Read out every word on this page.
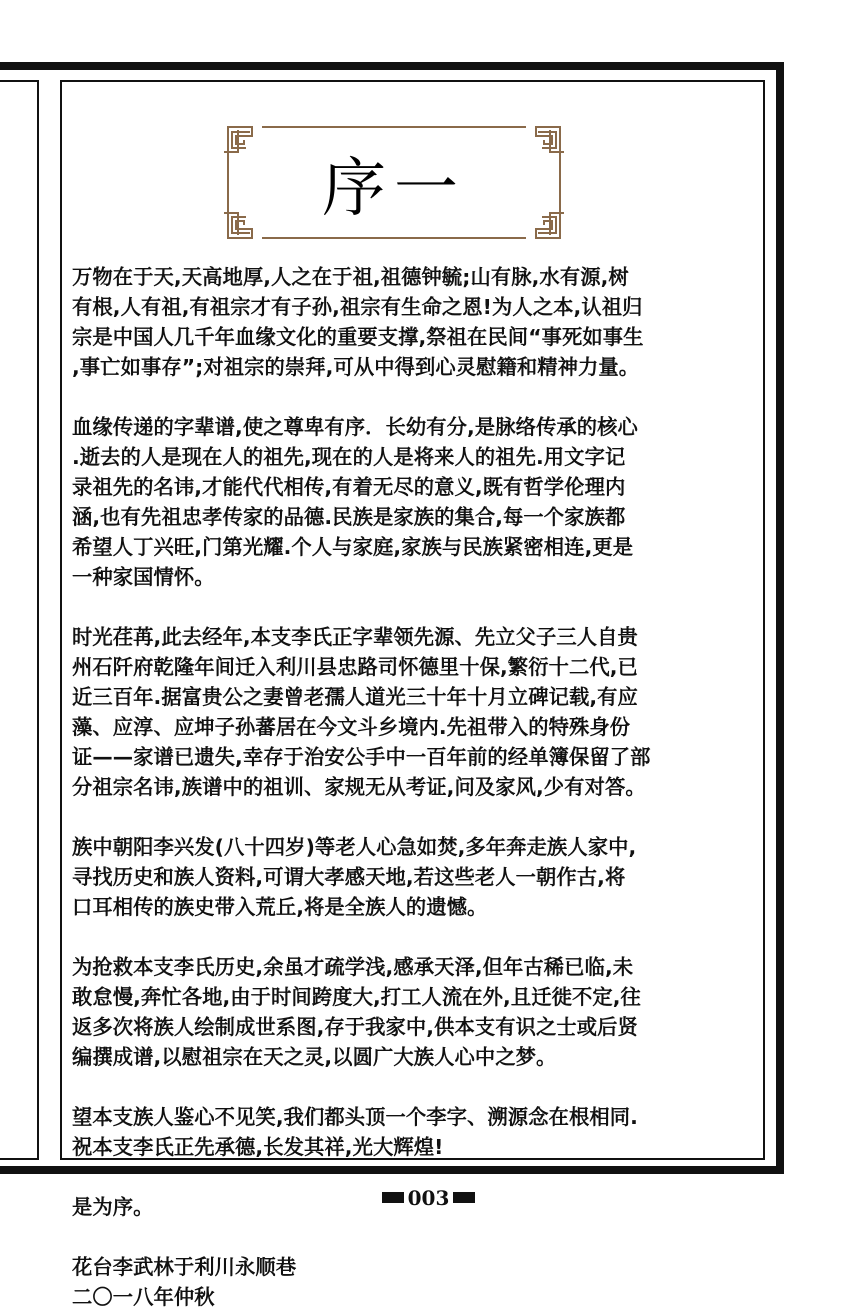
序一
万物在于天,天高地厚,人之在于祖,祖德钟毓;山有脉,水有源,树
有根,人有祖,有祖宗才有子孙,祖宗有生命之恩!为人之本,认祖归
宗是中国人几千年血缘文化的重要支撑,祭祖在民间“事死如事生
,事亡如事存”;对祖宗的崇拜,可从中得到心灵慰籍和精神力量。
血缘传递的字辈谱,使之尊卑有序．长幼有分,是脉络传承的核心
.逝去的人是现在人的祖先,现在的人是将来人的祖先.用文字记
录祖先的名讳,才能代代相传,有着无尽的意义,既有哲学伦理内
涵,也有先祖忠孝传家的品德.民族是家族的集合,每一个家族都
希望人丁兴旺,门第光耀.个人与家庭,家族与民族紧密相连,更是
一种家国情怀。
时光荏苒,此去经年,本支李氏正字辈领先源、先立父子三人自贵
州石阡府乾隆年间迁入利川县忠路司怀德里十保,繁衍十二代,已
近三百年.据富贵公之妻曾老孺人道光三十年十月立碑记载,有应
藻、应淳、应坤子孙蕃居在今文斗乡境内.先祖带入的特殊身份
证——家谱已遗失,幸存于治安公手中一百年前的经单簿保留了部
分祖宗名讳,族谱中的祖训、家规无从考证,问及家风,少有对答。
族中朝阳李兴发(八十四岁)等老人心急如焚,多年奔走族人家中,
寻找历史和族人资料,可谓大孝感天地,若这些老人一朝作古,将
口耳相传的族史带入荒丘,将是全族人的遗憾。
为抢救本支李氏历史,余虽才疏学浅,感承天泽,但年古稀已临,未
敢怠慢,奔忙各地,由于时间跨度大,打工人流在外,且迁徙不定,往
返多次将族人绘制成世系图,存于我家中,供本支有识之士或后贤
编撰成谱,以慰祖宗在天之灵,以圆广大族人心中之梦。
望本支族人鉴心不见笑,我们都头顶一个李字、溯源念在根相同.
祝本支李氏正先承德,长发其祥,光大辉煌!
是为序。
花台李武林于利川永顺巷
二〇一八年仲秋
003
